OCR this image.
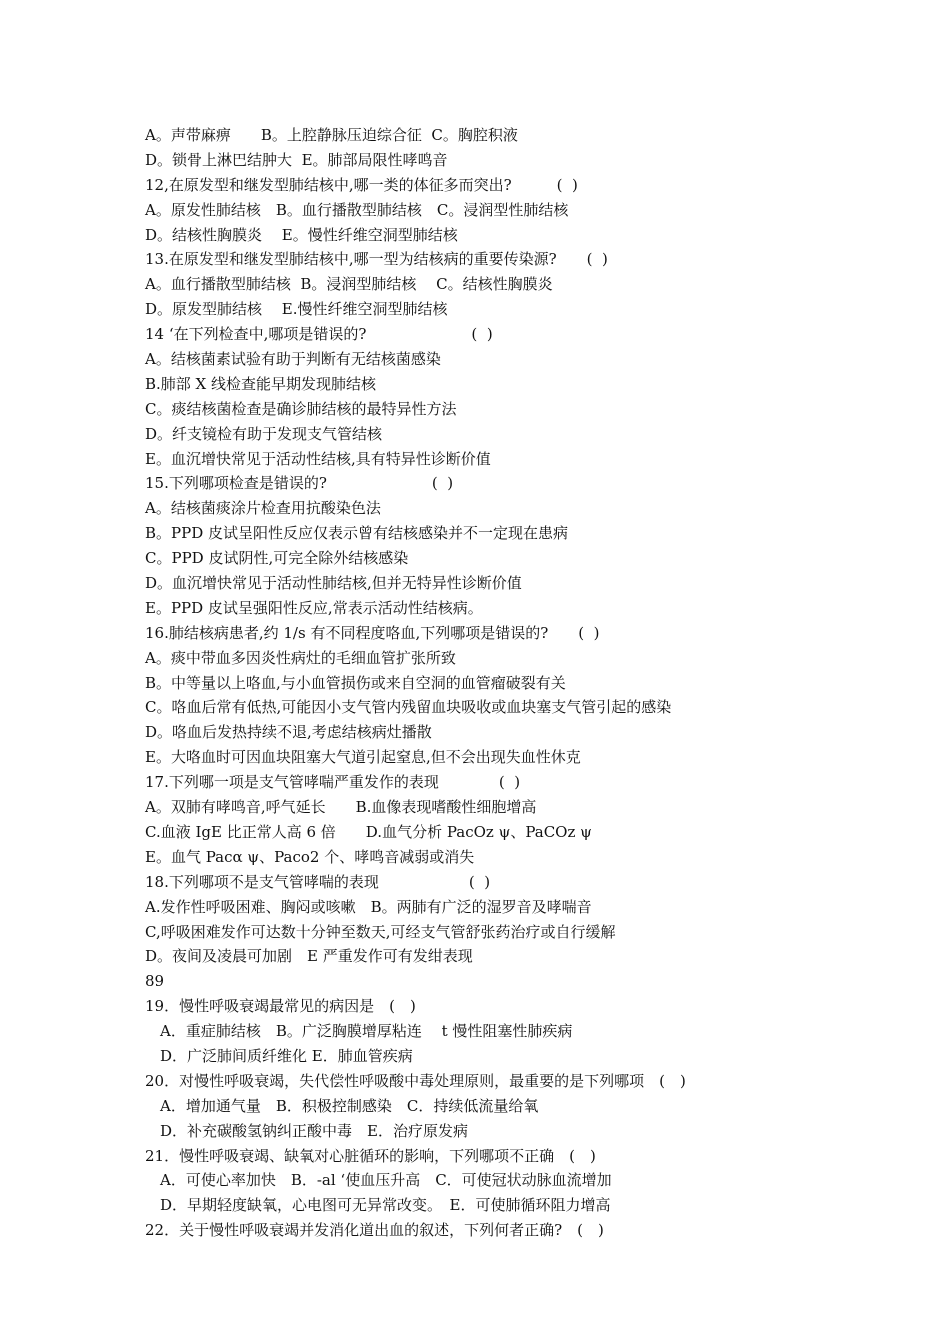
A。声带麻痹　　B。上腔静脉压迫综合征  C。胸腔积液
D。锁骨上淋巴结肿大  E。肺部局限性哮鸣音
12,在原发型和继发型肺结核中,哪一类的体征多而突出?　　　(  )
A。原发性肺结核　B。血行播散型肺结核　C。浸润型性肺结核
D。结核性胸膜炎　 E。慢性纤维空洞型肺结核
13.在原发型和继发型肺结核中,哪一型为结核病的重要传染源?　　(  )
A。血行播散型肺结核  B。浸润型肺结核　 C。结核性胸膜炎
D。原发型肺结核　 E.慢性纤维空洞型肺结核
14 ‘在下列检查中,哪项是错误的?　　　　　　　(  )
A。结核菌素试验有助于判断有无结核菌感染
B.肺部 X 线检查能早期发现肺结核
C。痰结核菌检查是确诊肺结核的最特异性方法
D。纤支镜检有助于发现支气管结核
E。血沉增快常见于活动性结核,具有特异性诊断价值
15.下列哪项检查是错误的?　　　　　　　(  )
A。结核菌痰涂片检查用抗酸染色法
B。PPD 皮试呈阳性反应仅表示曾有结核感染并不一定现在患病
C。PPD 皮试阴性,可完全除外结核感染
D。血沉增快常见于活动性肺结核,但并无特异性诊断价值
E。PPD 皮试呈强阳性反应,常表示活动性结核病。
16.肺结核病患者,约 1/s 有不同程度咯血,下列哪项是错误的?　　(  )
A。痰中带血多因炎性病灶的毛细血管扩张所致
B。中等量以上咯血,与小血管损伤或来自空洞的血管瘤破裂有关
C。咯血后常有低热,可能因小支气管内残留血块吸收或血块塞支气管引起的感染
D。咯血后发热持续不退,考虑结核病灶播散
E。大咯血时可因血块阻塞大气道引起窒息,但不会出现失血性休克
17.下列哪一项是支气管哮喘严重发作的表现　　　　(  )
A。双肺有哮鸣音,呼气延长　　B.血像表现嗜酸性细胞增高
C.血液 IgE 比正常人高 6 倍　　D.血气分析 PacOz ψ、PaCOz ψ
E。血气 Pacα ψ、Paco2 个、哮鸣音减弱或消失
18.下列哪项不是支气管哮喘的表现　　　　　　(  )
A.发作性呼吸困难、胸闷或咳嗽　B。两肺有广泛的湿罗音及哮喘音
C,呼吸困难发作可达数十分钟至数天,可经支气管舒张药治疗或自行缓解
D。夜间及凌晨可加剧　E 严重发作可有发绀表现
89
19．慢性呼吸衰竭最常见的病因是　(　)
A．重症肺结核　B。广泛胸膜增厚粘连　 t 慢性阻塞性肺疾病
D．广泛肺间质纤维化 E．肺血管疾病
20．对慢性呼吸衰竭，失代偿性呼吸酸中毒处理原则，最重要的是下列哪项　(　)
A．增加通气量　B．积极控制感染　C．持续低流量给氧
D．补充碳酸氢钠纠正酸中毒　E．治疗原发病
21．慢性呼吸衰竭、缺氧对心脏循环的影响，下列哪项不正确　(　)
A．可使心率加快　B．-al ‘使血压升高　C．可使冠状动脉血流增加
D．早期轻度缺氧，心电图可无异常改变。　E．可使肺循环阻力增高
22．关于慢性呼吸衰竭并发消化道出血的叙述，下列何者正确?　(　)
